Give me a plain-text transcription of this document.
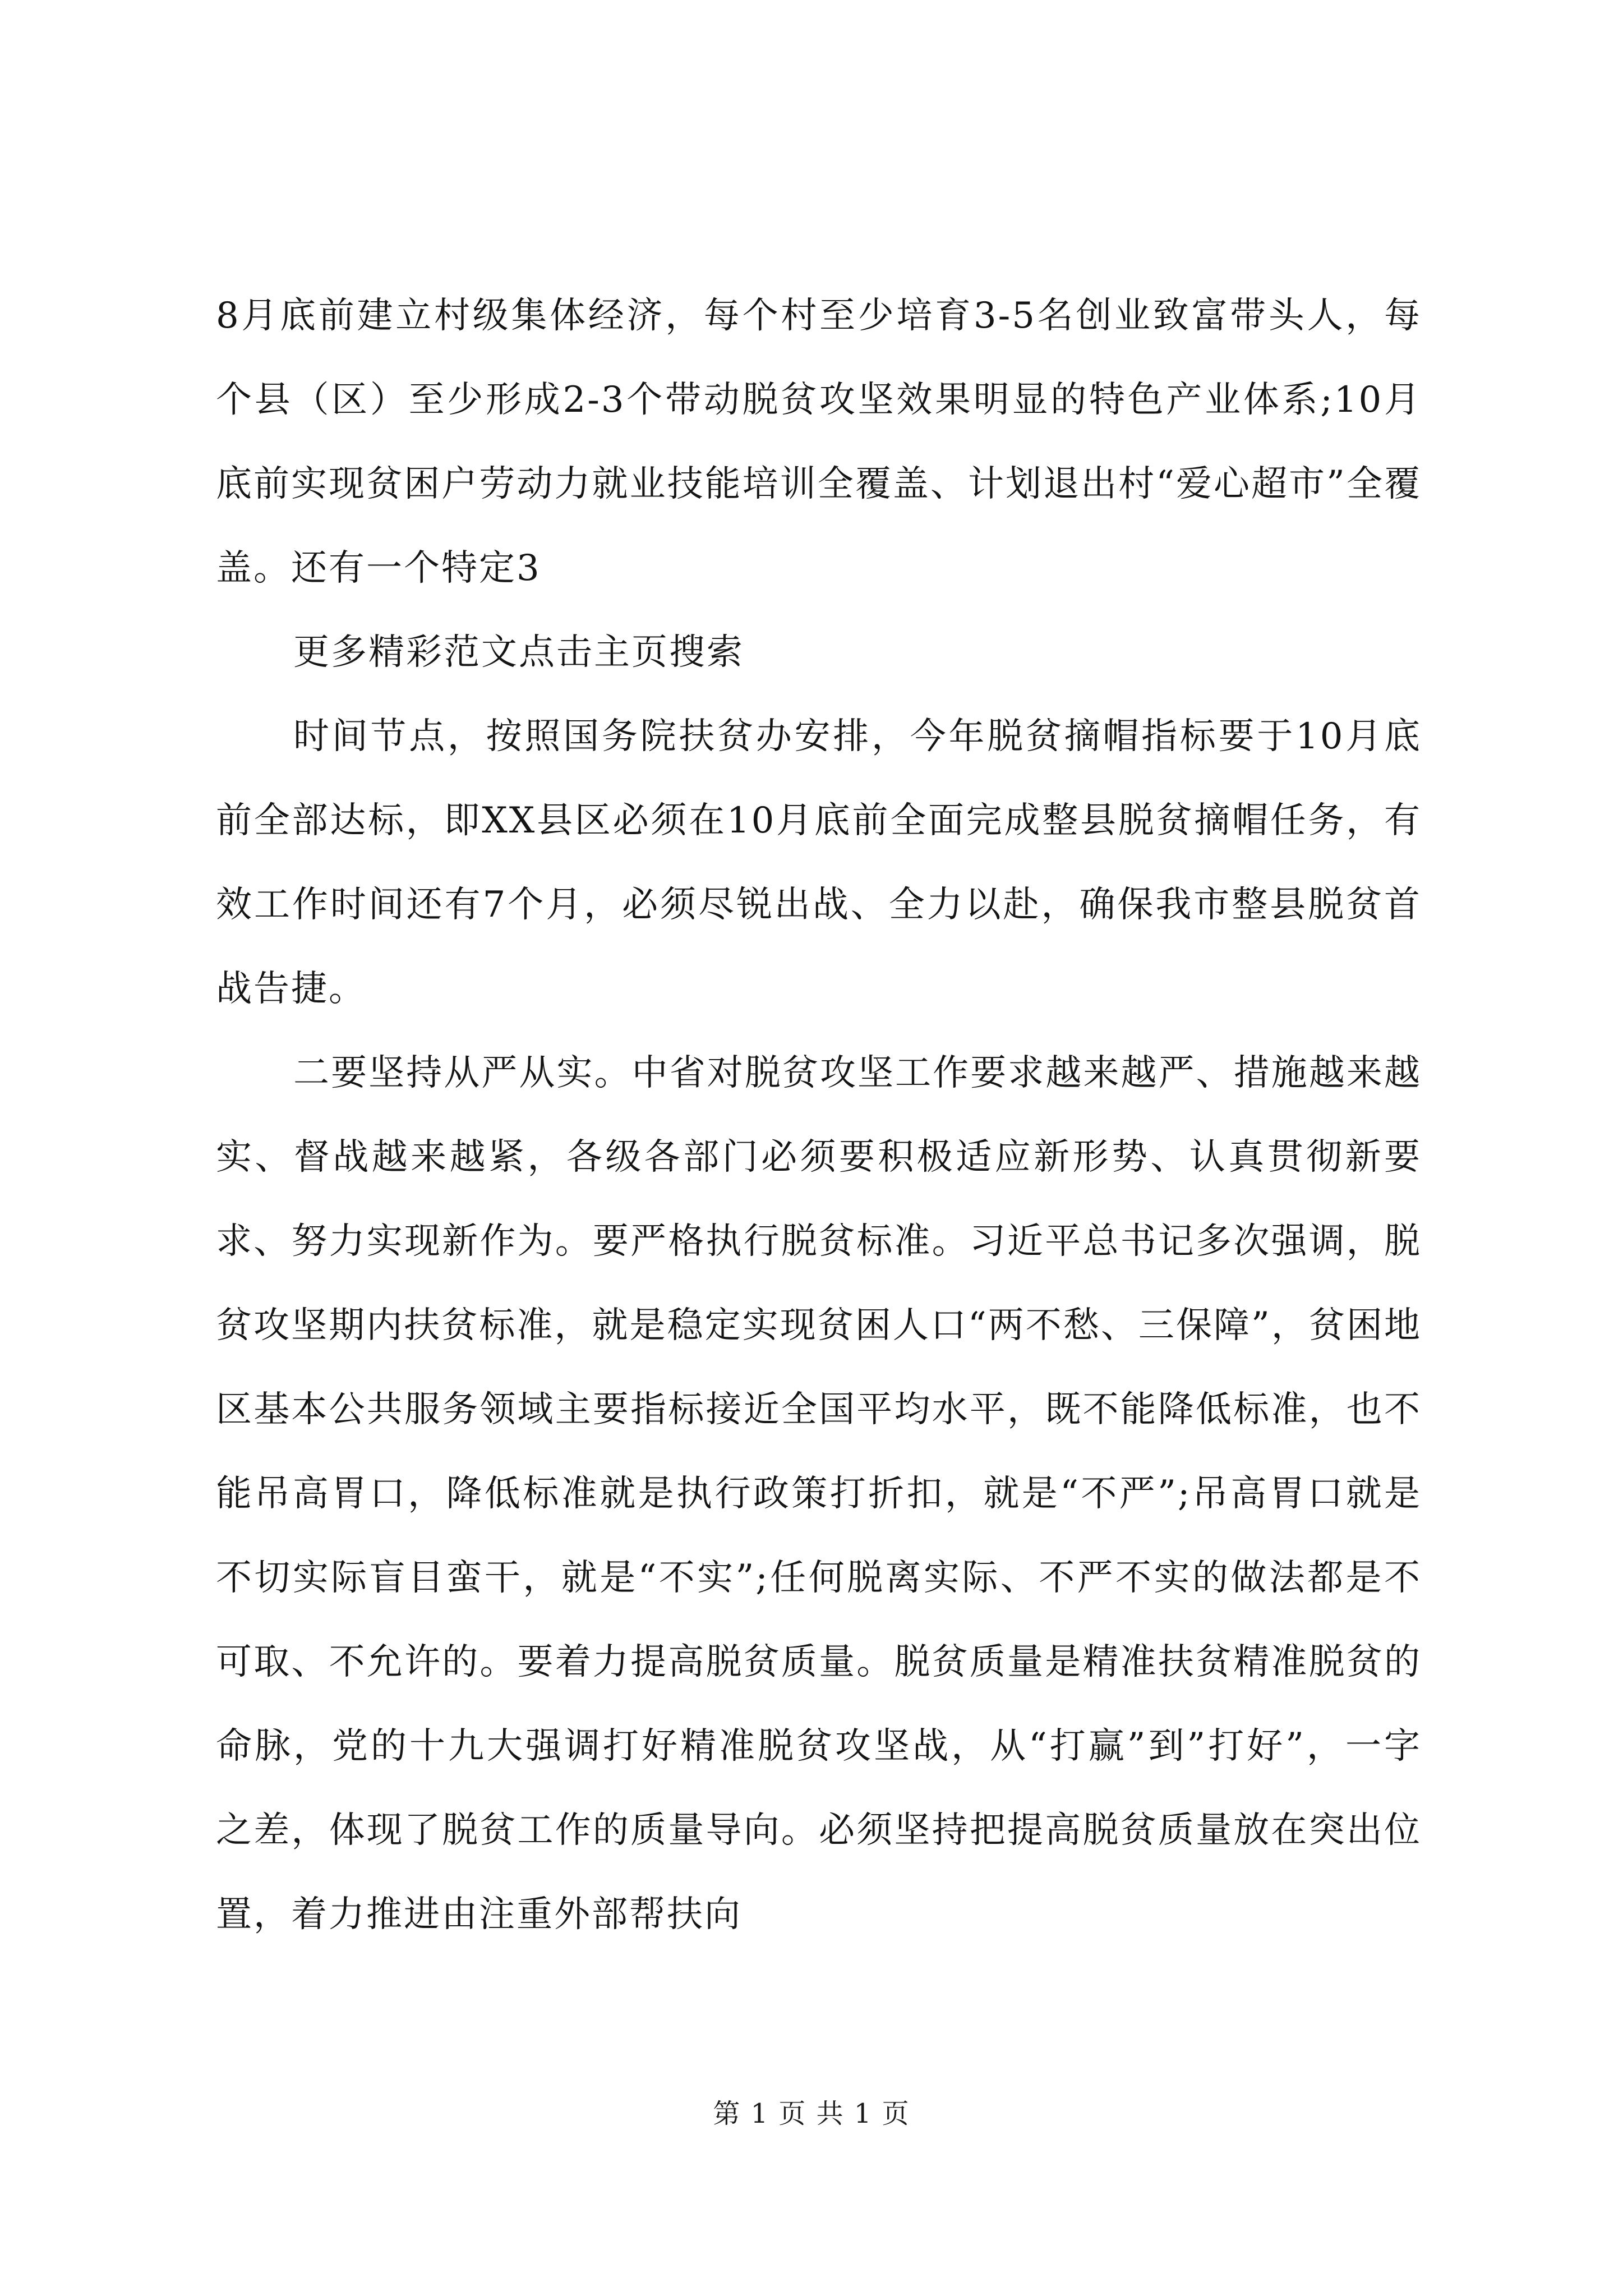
8月底前建立村级集体经济，每个村至少培育3-5名创业致富带头人，每个县（区）至少形成2-3个带动脱贫攻坚效果明显的特色产业体系;10月底前实现贫困户劳动力就业技能培训全覆盖、计划退出村“爱心超市”全覆盖。还有一个特定3

更多精彩范文点击主页搜索

时间节点，按照国务院扶贫办安排，今年脱贫摘帽指标要于10月底前全部达标，即XX县区必须在10月底前全面完成整县脱贫摘帽任务，有效工作时间还有7个月，必须尽锐出战、全力以赴，确保我市整县脱贫首战告捷。

二要坚持从严从实。中省对脱贫攻坚工作要求越来越严、措施越来越实、督战越来越紧，各级各部门必须要积极适应新形势、认真贯彻新要求、努力实现新作为。要严格执行脱贫标准。习近平总书记多次强调，脱贫攻坚期内扶贫标准，就是稳定实现贫困人口“两不愁、三保障”，贫困地区基本公共服务领域主要指标接近全国平均水平，既不能降低标准，也不能吊高胃口，降低标准就是执行政策打折扣，就是“不严”;吊高胃口就是不切实际盲目蛮干，就是“不实”;任何脱离实际、不严不实的做法都是不可取、不允许的。要着力提高脱贫质量。脱贫质量是精准扶贫精准脱贫的命脉，党的十九大强调打好精准脱贫攻坚战，从“打赢”到”打好”，一字之差，体现了脱贫工作的质量导向。必须坚持把提高脱贫质量放在突出位置，着力推进由注重外部帮扶向

第 1 页 共 1 页
